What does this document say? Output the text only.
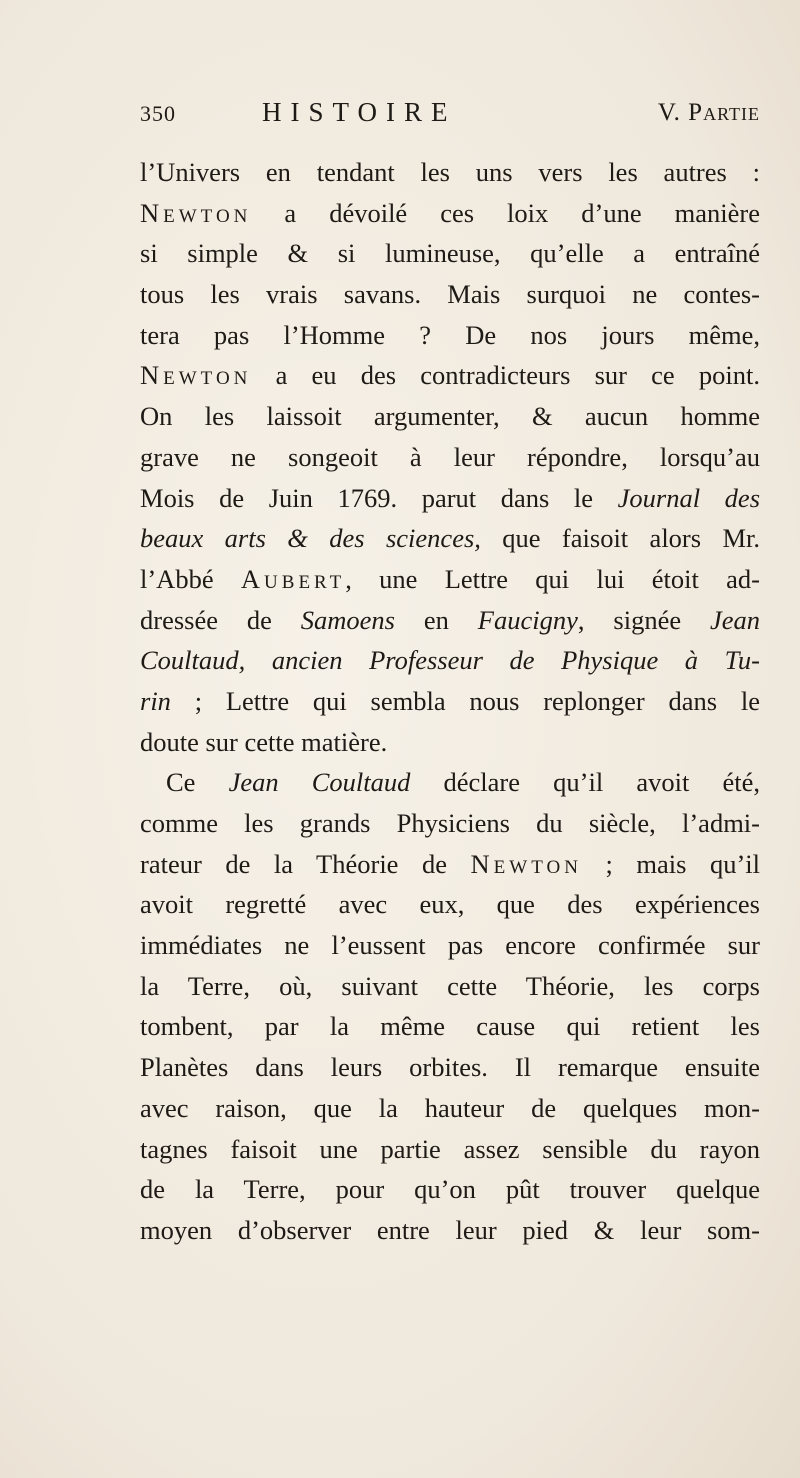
350	HISTOIRE	V. Partie
l’Univers en tendant les uns vers les autres :
Newton a dévoilé ces loix d’une manière
si simple & si lumineuse, qu’elle a entraîné
tous les vrais savans. Mais surquoi ne contes-
tera pas l’Homme ? De nos jours même,
Newton a eu des contradicteurs sur ce point.
On les laissoit argumenter, & aucun homme
grave ne songeoit à leur répondre, lorsqu’au
Mois de Juin 1769. parut dans le Journal des
beaux arts & des sciences, que faisoit alors Mr.
l’Abbé Aubert, une Lettre qui lui étoit ad-
dressée de Samoens en Faucigny, signée Jean
Coultaud, ancien Professeur de Physique à Tu-
rin ; Lettre qui sembla nous replonger dans le
doute sur cette matière.
Ce Jean Coultaud déclare qu’il avoit été,
comme les grands Physiciens du siècle, l’admi-
rateur de la Théorie de Newton ; mais qu’il
avoit regretté avec eux, que des expériences
immédiates ne l’eussent pas encore confirmée sur
la Terre, où, suivant cette Théorie, les corps
tombent, par la même cause qui retient les
Planètes dans leurs orbites. Il remarque ensuite
avec raison, que la hauteur de quelques mon-
tagnes faisoit une partie assez sensible du rayon
de la Terre, pour qu’on pût trouver quelque
moyen d’observer entre leur pied & leur som-
